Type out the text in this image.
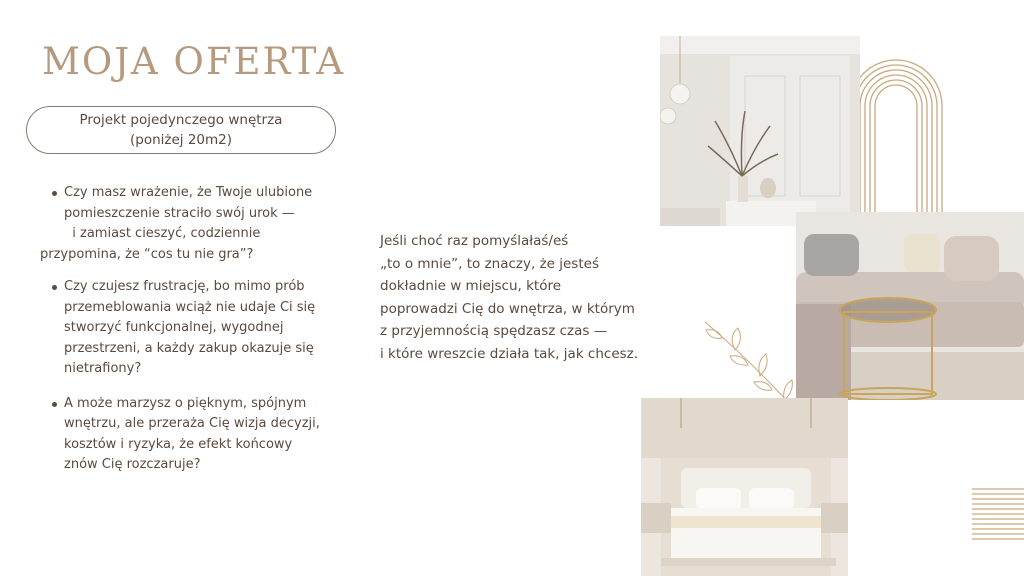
MOJA OFERTA
Projekt pojedynczego wnętrza
(poniżej 20m2)
Czy masz wrażenie, że Twoje ulubione
pomieszczenie straciło swój urok —
i zamiast cieszyć, codziennie
przypomina, że “cos tu nie gra”?
Czy czujesz frustrację, bo mimo prób
przemeblowania wciąż nie udaje Ci się
stworzyć funkcjonalnej, wygodnej
przestrzeni, a każdy zakup okazuje się
nietrafiony?
A może marzysz o pięknym, spójnym
wnętrzu, ale przeraża Cię wizja decyzji,
kosztów i ryzyka, że efekt końcowy
znów Cię rozczaruje?
Jeśli choć raz pomyślałaś/eś
„to o mnie”, to znaczy, że jesteś
dokładnie w miejscu, które
poprowadzi Cię do wnętrza, w którym
z przyjemnością spędzasz czas —
i które wreszcie działa tak, jak chcesz.
